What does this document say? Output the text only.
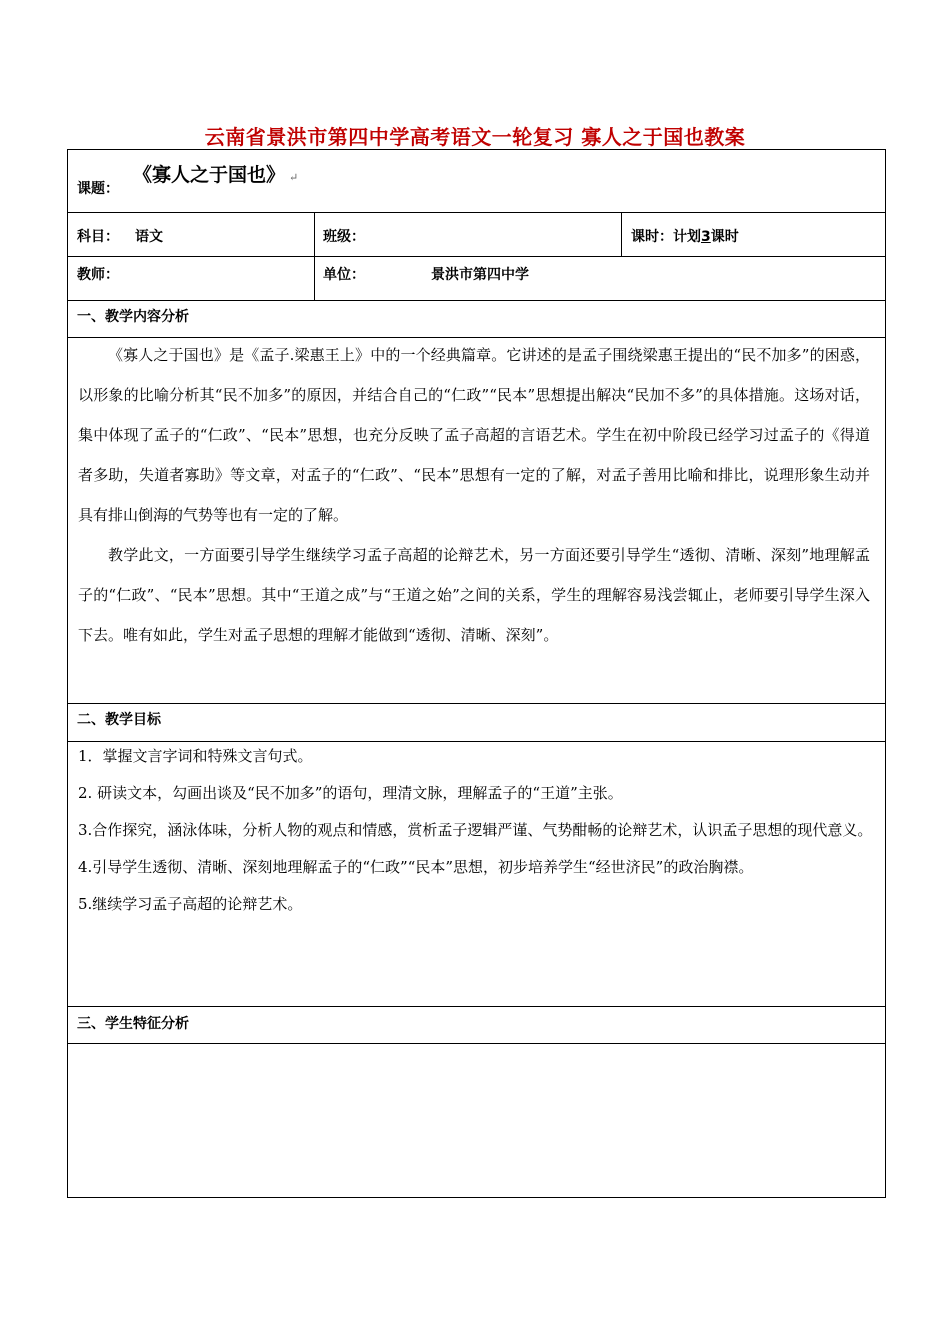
云南省景洪市第四中学高考语文一轮复习 寡人之于国也教案
课题：
《寡人之于国也》 ↵
科目： 语文	班级：	课时：计划3课时
教师：	单位：	景洪市第四中学
一、教学内容分析

《寡人之于国也》是《孟子.梁惠王上》中的一个经典篇章。它讲述的是孟子围绕梁惠王提出的“民不加多”的困惑，以形象的比喻分析其“民不加多”的原因，并结合自己的“仁政”“民本”思想提出解决“民加不多”的具体措施。这场对话，集中体现了孟子的“仁政”、“民本”思想，也充分反映了孟子高超的言语艺术。学生在初中阶段已经学习过孟子的《得道者多助，失道者寡助》等文章，对孟子的“仁政”、“民本”思想有一定的了解，对孟子善用比喻和排比，说理形象生动并具有排山倒海的气势等也有一定的了解。

教学此文，一方面要引导学生继续学习孟子高超的论辩艺术，另一方面还要引导学生“透彻、清晰、深刻”地理解孟子的“仁政”、“民本”思想。其中“王道之成”与“王道之始”之间的关系，学生的理解容易浅尝辄止，老师要引导学生深入下去。唯有如此，学生对孟子思想的理解才能做到“透彻、清晰、深刻”。

二、教学目标
1．掌握文言字词和特殊文言句式。
2. 研读文本，勾画出谈及“民不加多”的语句，理清文脉，理解孟子的“王道”主张。
3.合作探究，涵泳体味，分析人物的观点和情感，赏析孟子逻辑严谨、气势酣畅的论辩艺术，认识孟子思想的现代意义。
4.引导学生透彻、清晰、深刻地理解孟子的“仁政”“民本”思想，初步培养学生“经世济民”的政治胸襟。
5.继续学习孟子高超的论辩艺术。
三、学生特征分析
